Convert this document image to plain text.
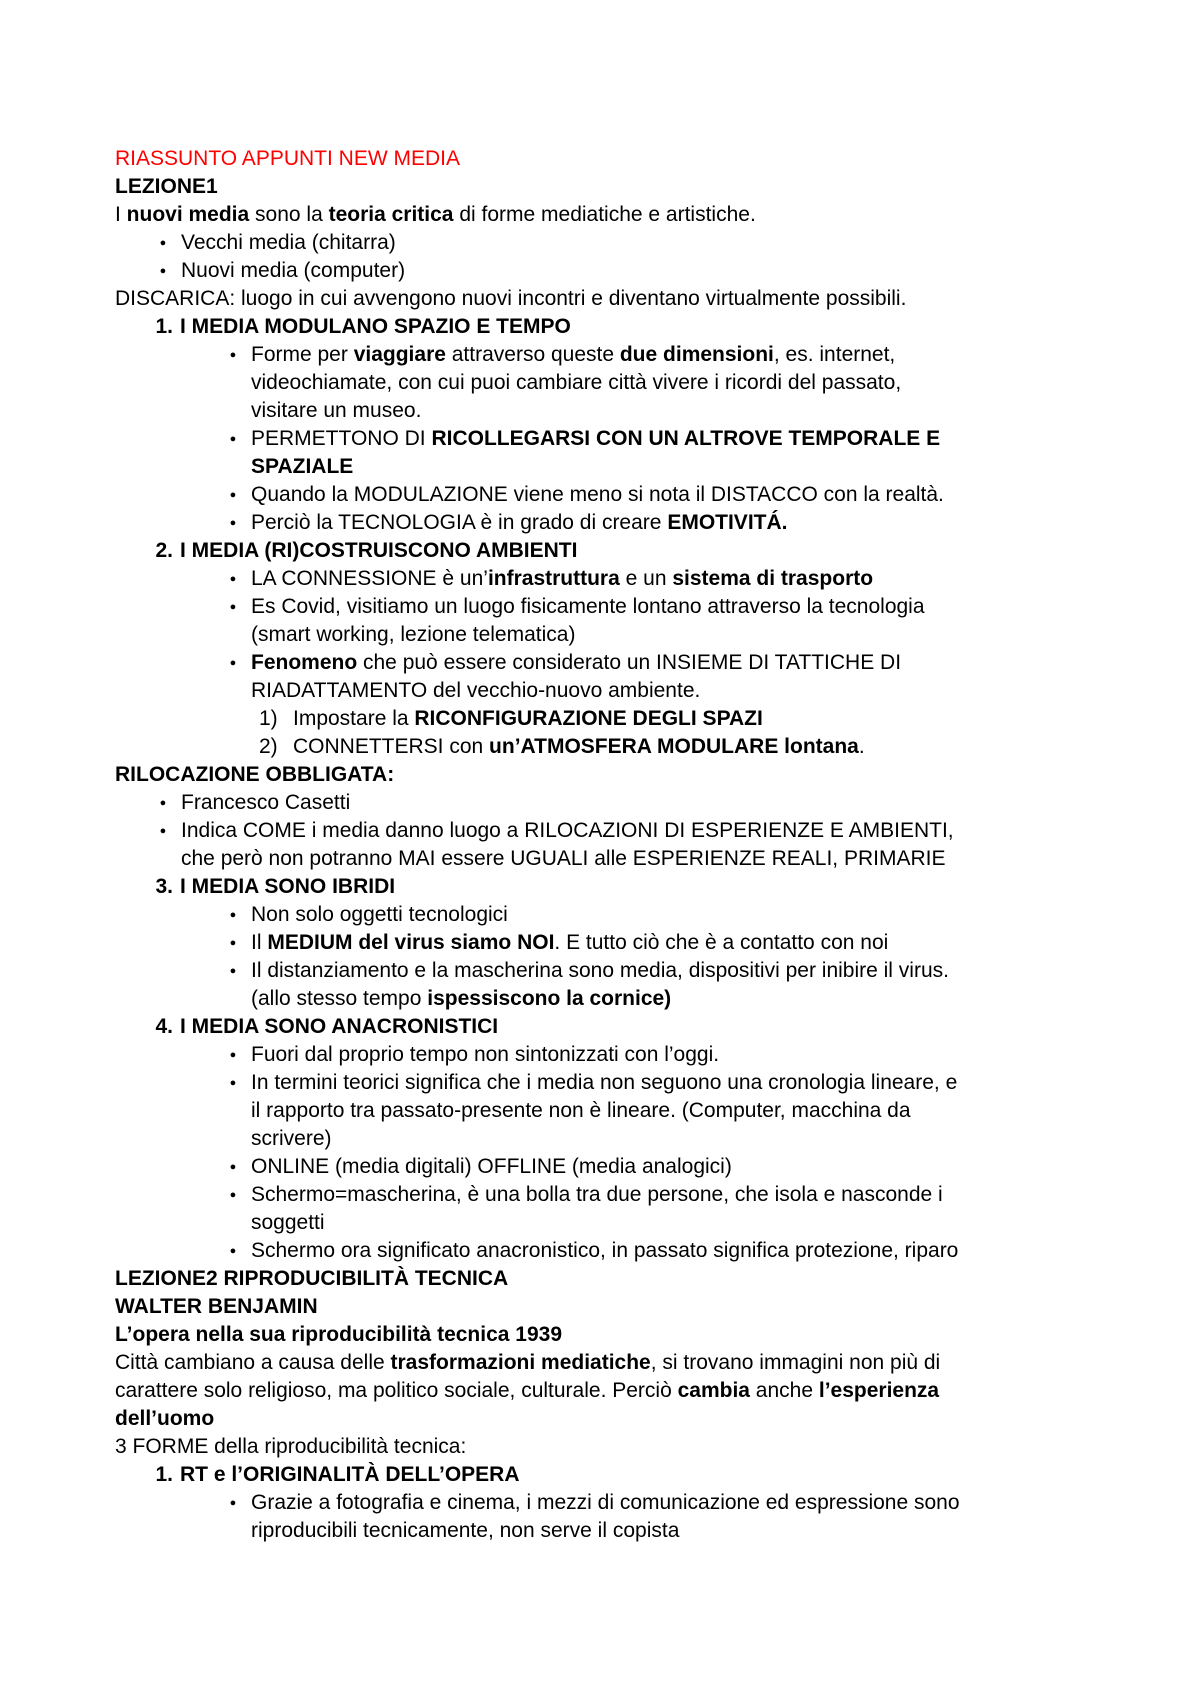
RIASSUNTO APPUNTI NEW MEDIA
LEZIONE1
I nuovi media sono la teoria critica di forme mediatiche e artistiche.
●
Vecchi media (chitarra)
●
Nuovi media (computer)
DISCARICA: luogo in cui avvengono nuovi incontri e diventano virtualmente possibili.
1. I MEDIA MODULANO SPAZIO E TEMPO
●
Forme per viaggiare attraverso queste due dimensioni, es. internet,
videochiamate, con cui puoi cambiare città vivere i ricordi del passato,
visitare un museo.
●
PERMETTONO DI RICOLLEGARSI CON UN ALTROVE TEMPORALE E
SPAZIALE
●
Quando la MODULAZIONE viene meno si nota il DISTACCO con la realtà.
●
Perciò la TECNOLOGIA è in grado di creare EMOTIVITÁ.
2. I MEDIA (RI)COSTRUISCONO AMBIENTI
●
LA CONNESSIONE è un’infrastruttura e un sistema di trasporto
●
Es Covid, visitiamo un luogo fisicamente lontano attraverso la tecnologia
(smart working, lezione telematica)
●
Fenomeno che può essere considerato un INSIEME DI TATTICHE DI
RIADATTAMENTO del vecchio-nuovo ambiente.
1) Impostare la RICONFIGURAZIONE DEGLI SPAZI
2) CONNETTERSI con un’ATMOSFERA MODULARE lontana.
RILOCAZIONE OBBLIGATA:
●
Francesco Casetti
●
Indica COME i media danno luogo a RILOCAZIONI DI ESPERIENZE E AMBIENTI,
che però non potranno MAI essere UGUALI alle ESPERIENZE REALI, PRIMARIE
3. I MEDIA SONO IBRIDI
●
Non solo oggetti tecnologici
●
Il MEDIUM del virus siamo NOI. E tutto ciò che è a contatto con noi
●
Il distanziamento e la mascherina sono media, dispositivi per inibire il virus.
(allo stesso tempo ispessiscono la cornice)
4. I MEDIA SONO ANACRONISTICI
●
Fuori dal proprio tempo non sintonizzati con l’oggi.
●
In termini teorici significa che i media non seguono una cronologia lineare, e
il rapporto tra passato-presente non è lineare. (Computer, macchina da
scrivere)
●
ONLINE (media digitali) OFFLINE (media analogici)
●
Schermo=mascherina, è una bolla tra due persone, che isola e nasconde i
soggetti
●
Schermo ora significato anacronistico, in passato significa protezione, riparo
LEZIONE2 RIPRODUCIBILITÀ TECNICA
WALTER BENJAMIN
L’opera nella sua riproducibilità tecnica 1939
Città cambiano a causa delle trasformazioni mediatiche, si trovano immagini non più di
carattere solo religioso, ma politico sociale, culturale. Perciò cambia anche l’esperienza
dell’uomo
3 FORME della riproducibilità tecnica:
1. RT e l’ORIGINALITÀ DELL’OPERA
●
Grazie a fotografia e cinema, i mezzi di comunicazione ed espressione sono
riproducibili tecnicamente, non serve il copista
